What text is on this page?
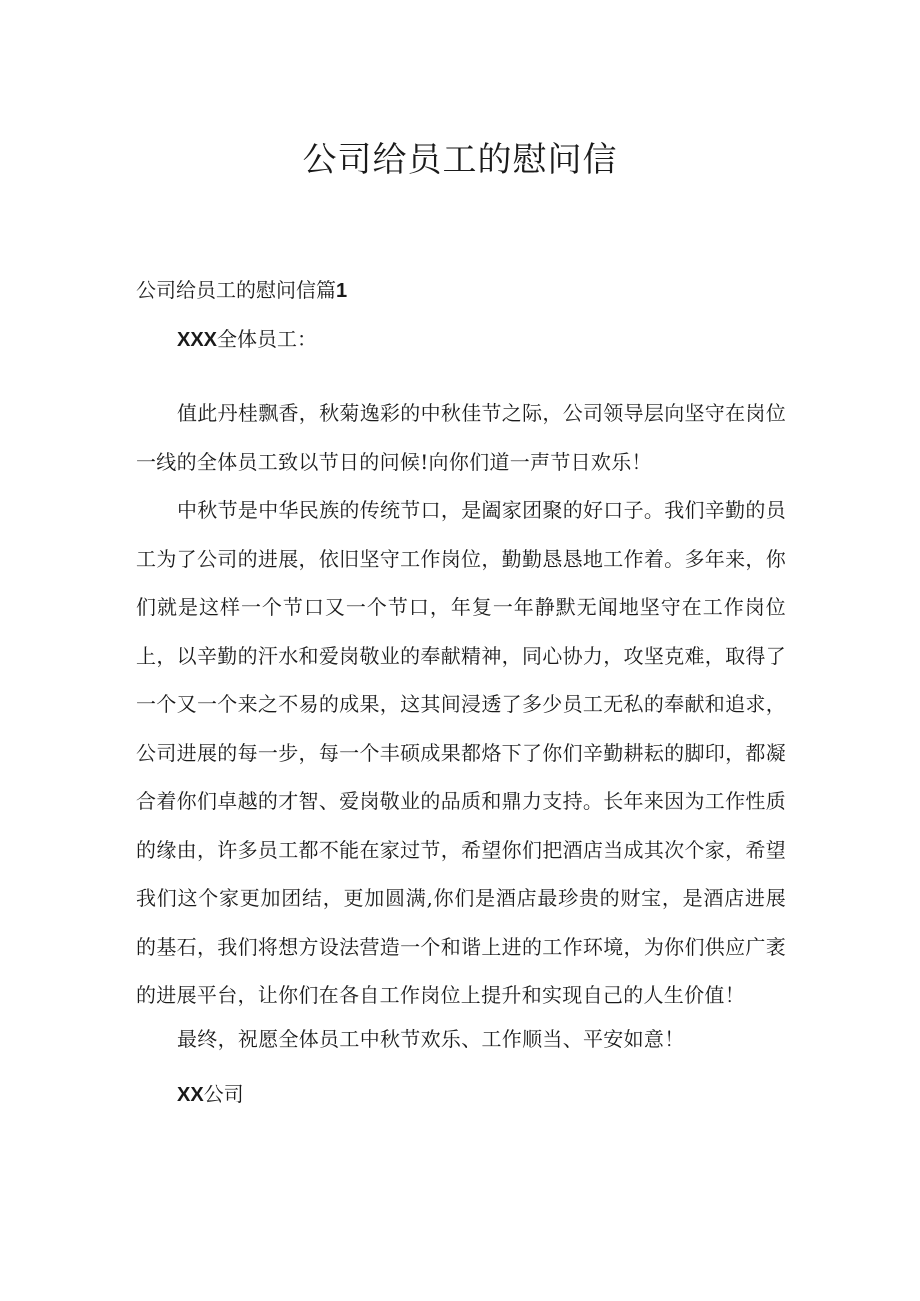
公司给员工的慰问信

公司给员工的慰问信篇1

XXX全体员工：

值此丹桂飘香，秋菊逸彩的中秋佳节之际，公司领导层向坚守在岗位一线的全体员工致以节日的问候!向你们道一声节日欢乐！

中秋节是中华民族的传统节口，是阖家团聚的好口子。我们辛勤的员工为了公司的进展，依旧坚守工作岗位，勤勤恳恳地工作着。多年来，你们就是这样一个节口又一个节口，年复一年静默无闻地坚守在工作岗位上，以辛勤的汗水和爱岗敬业的奉献精神，同心协力，攻坚克难，取得了一个又一个来之不易的成果，这其间浸透了多少员工无私的奉献和追求，公司进展的每一步，每一个丰硕成果都烙下了你们辛勤耕耘的脚印，都凝合着你们卓越的才智、爱岗敬业的品质和鼎力支持。长年来因为工作性质的缘由，许多员工都不能在家过节，希望你们把酒店当成其次个家，希望我们这个家更加团结，更加圆满,你们是酒店最珍贵的财宝，是酒店进展的基石，我们将想方设法营造一个和谐上进的工作环境，为你们供应广袤的进展平台，让你们在各自工作岗位上提升和实现自己的人生价值！

最终，祝愿全体员工中秋节欢乐、工作顺当、平安如意！

XX公司
